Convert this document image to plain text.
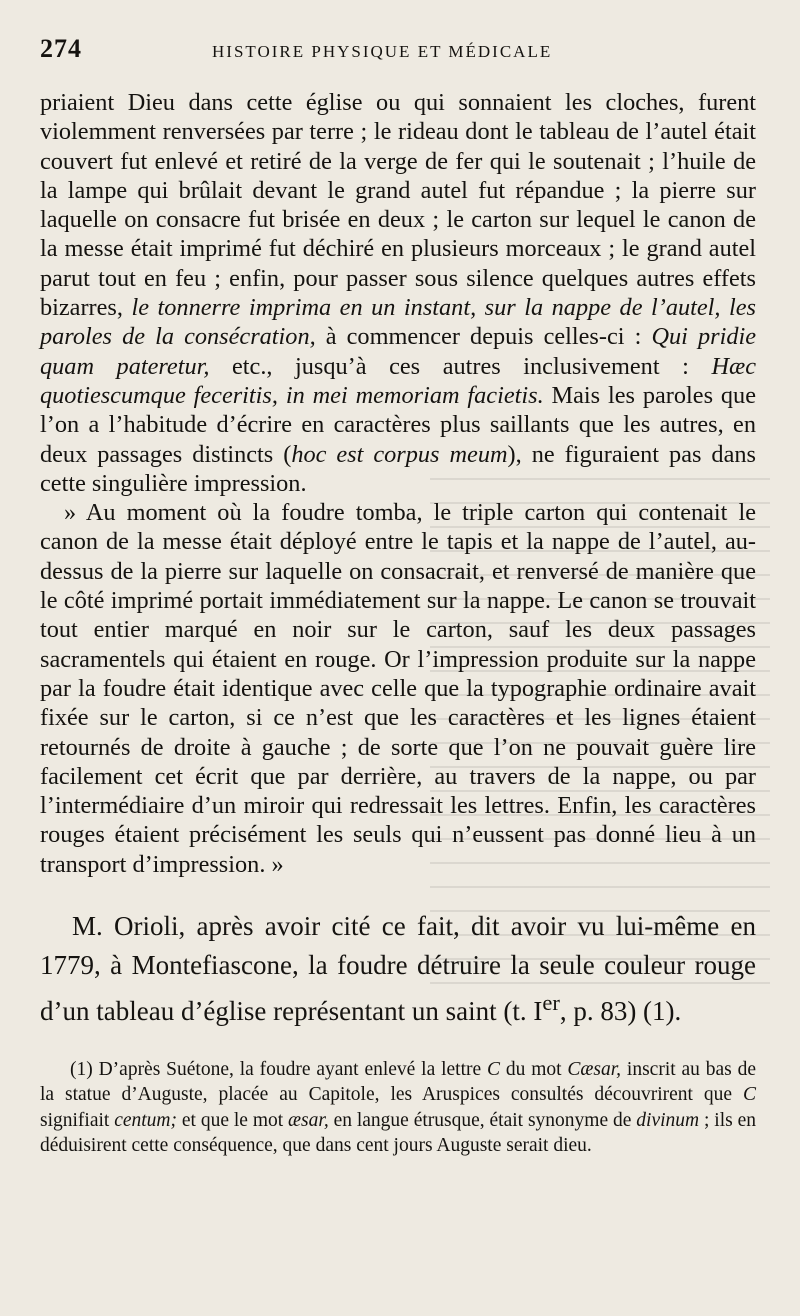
274	HISTOIRE PHYSIQUE ET MÉDICALE

priaient Dieu dans cette église ou qui sonnaient les cloches, furent violemment renversées par terre ; le rideau dont le tableau de l’autel était couvert fut enlevé et retiré de la verge de fer qui le soutenait ; l’huile de la lampe qui brûlait devant le grand autel fut répandue ; la pierre sur laquelle on consacre fut brisée en deux ; le carton sur lequel le canon de la messe était imprimé fut déchiré en plusieurs morceaux ; le grand autel parut tout en feu ; enfin, pour passer sous silence quelques autres effets bizarres, le tonnerre imprima en un instant, sur la nappe de l’autel, les paroles de la consécration, à commencer depuis celles-ci : Qui pridie quam pateretur, etc., jusqu’à ces autres inclusivement : Hæc quotiescumque feceritis, in mei memoriam facietis. Mais les paroles que l’on a l’habitude d’écrire en caractères plus saillants que les autres, en deux passages distincts (hoc est corpus meum), ne figuraient pas dans cette singulière impression.

» Au moment où la foudre tomba, le triple carton qui contenait le canon de la messe était déployé entre le tapis et la nappe de l’autel, au-dessus de la pierre sur laquelle on consacrait, et renversé de manière que le côté imprimé portait immédiatement sur la nappe. Le canon se trouvait tout entier marqué en noir sur le carton, sauf les deux passages sacramentels qui étaient en rouge. Or l’impression produite sur la nappe par la foudre était identique avec celle que la typographie ordinaire avait fixée sur le carton, si ce n’est que les caractères et les lignes étaient retournés de droite à gauche ; de sorte que l’on ne pouvait guère lire facilement cet écrit que par derrière, au travers de la nappe, ou par l’intermédiaire d’un miroir qui redressait les lettres. Enfin, les caractères rouges étaient précisément les seuls qui n’eussent pas donné lieu à un transport d’impression. »

M. Orioli, après avoir cité ce fait, dit avoir vu lui-même en 1779, à Montefiascone, la foudre détruire la seule couleur rouge d’un tableau d’église représentant un saint (t. Ier, p. 83) (1).

(1) D’après Suétone, la foudre ayant enlevé la lettre C du mot Cæsar, inscrit au bas de la statue d’Auguste, placée au Capitole, les Aruspices consultés découvrirent que C signifiait centum; et que le mot æsar, en langue étrusque, était synonyme de divinum ; ils en déduisirent cette conséquence, que dans cent jours Auguste serait dieu.
